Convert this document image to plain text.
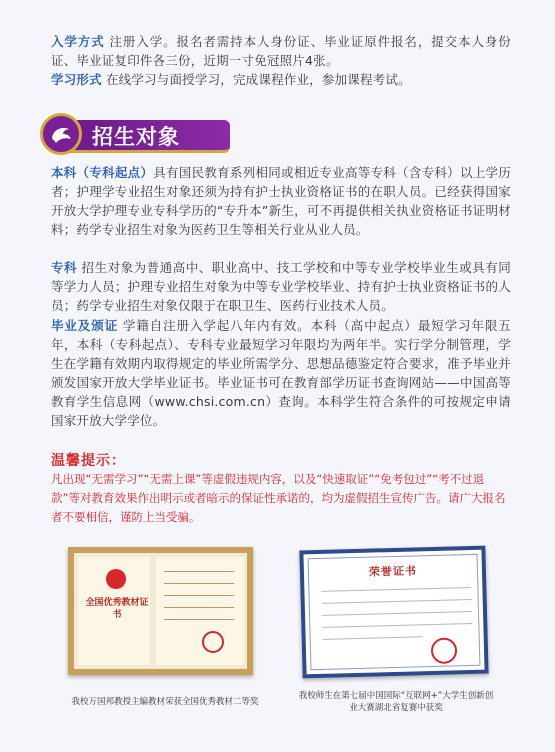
入学方式 注册入学。报名者需持本人身份证、毕业证原件报名，提交本人身份证、毕业证复印件各三份，近期一寸免冠照片4张。
学习形式 在线学习与面授学习，完成课程作业，参加课程考试。
招生对象
本科（专科起点）具有国民教育系列相同或相近专业高等专科（含专科）以上学历者；护理学专业招生对象还须为持有护士执业资格证书的在职人员。已经获得国家开放大学护理专业专科学历的“专升本”新生，可不再提供相关执业资格证书证明材料；药学专业招生对象为医药卫生等相关行业从业人员。
专科 招生对象为普通高中、职业高中、技工学校和中等专业学校毕业生或具有同等学力人员；护理专业招生对象为中等专业学校毕业、持有护士执业资格证书的人员；药学专业招生对象仅限于在职卫生、医药行业技术人员。
毕业及颁证 学籍自注册入学起八年内有效。本科（高中起点）最短学习年限五年，本科（专科起点）、专科专业最短学习年限均为两年半。实行学分制管理，学生在学籍有效期内取得规定的毕业所需学分、思想品德鉴定符合要求，准予毕业并颁发国家开放大学毕业证书。毕业证书可在教育部学历证书查询网站——中国高等教育学生信息网（www.chsi.com.cn）查询。本科学生符合条件的可按规定申请国家开放大学学位。
温馨提示：
凡出现“无需学习”“无需上课”等虚假违规内容，以及“快速取证”“免考包过”“考不过退款”等对教育效果作出明示或者暗示的保证性承诺的，均为虚假招生宣传广告。请广大报名者不要相信，谨防上当受骗。
全国优秀教材证书
我校万国邦教授主编教材荣获全国优秀教材二等奖
荣誉证书
我校师生在第七届中国国际“互联网+”大学生创新创业大赛湖北省复赛中获奖
